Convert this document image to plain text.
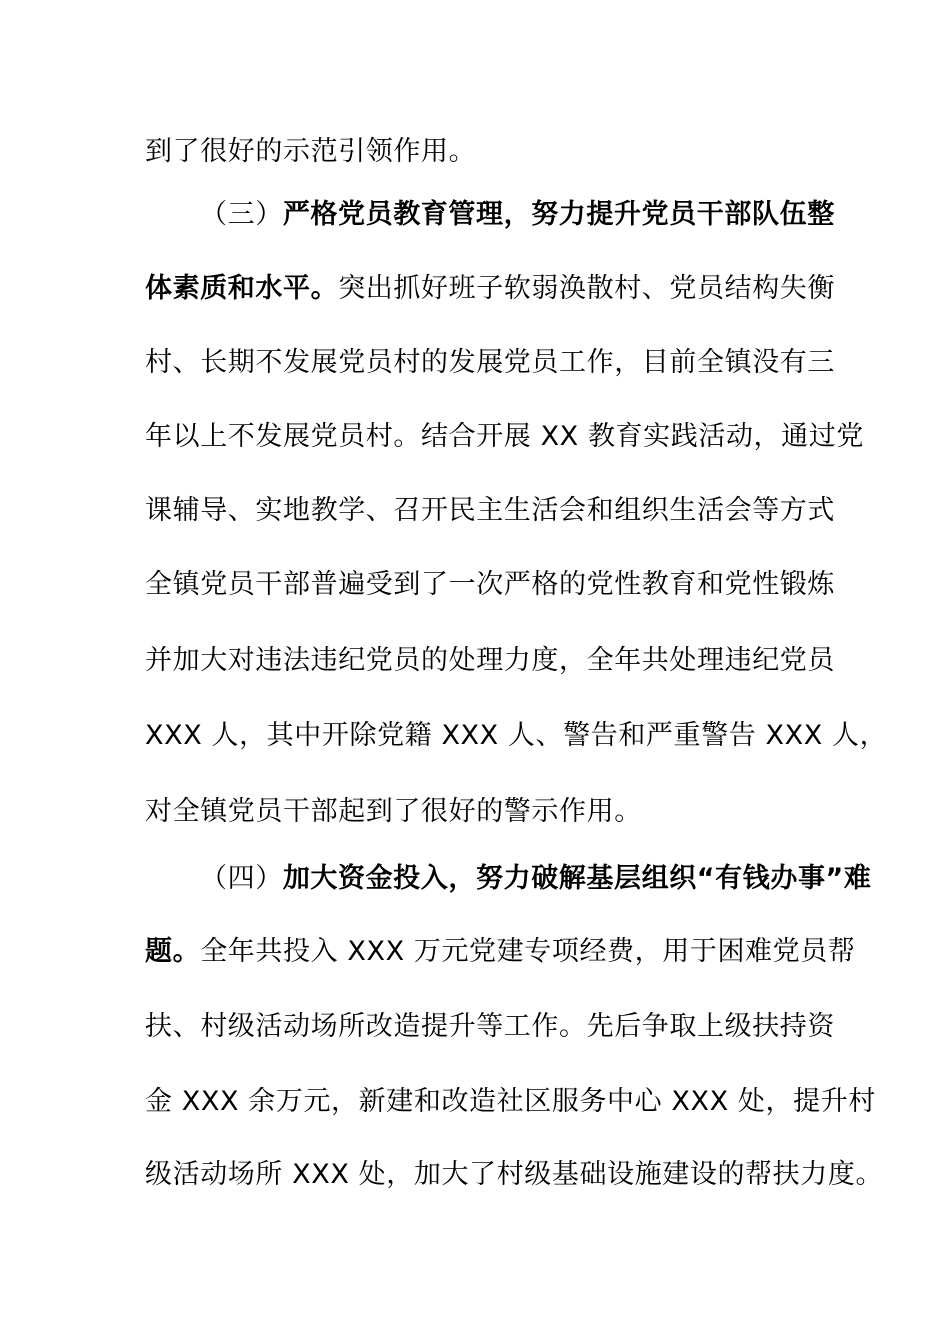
到了很好的示范引领作用。
（三）严格党员教育管理，努力提升党员干部队伍整
体素质和水平。突出抓好班子软弱涣散村、党员结构失衡
村、长期不发展党员村的发展党员工作，目前全镇没有三
年以上不发展党员村。结合开展 XX 教育实践活动，通过党
课辅导、实地教学、召开民主生活会和组织生活会等方式
全镇党员干部普遍受到了一次严格的党性教育和党性锻炼
并加大对违法违纪党员的处理力度，全年共处理违纪党员
XXX 人，其中开除党籍 XXX 人、警告和严重警告 XXX 人，
对全镇党员干部起到了很好的警示作用。
（四）加大资金投入，努力破解基层组织“有钱办事”难
题。全年共投入 XXX 万元党建专项经费，用于困难党员帮
扶、村级活动场所改造提升等工作。先后争取上级扶持资
金 XXX 余万元，新建和改造社区服务中心 XXX 处，提升村
级活动场所 XXX 处，加大了村级基础设施建设的帮扶力度。
